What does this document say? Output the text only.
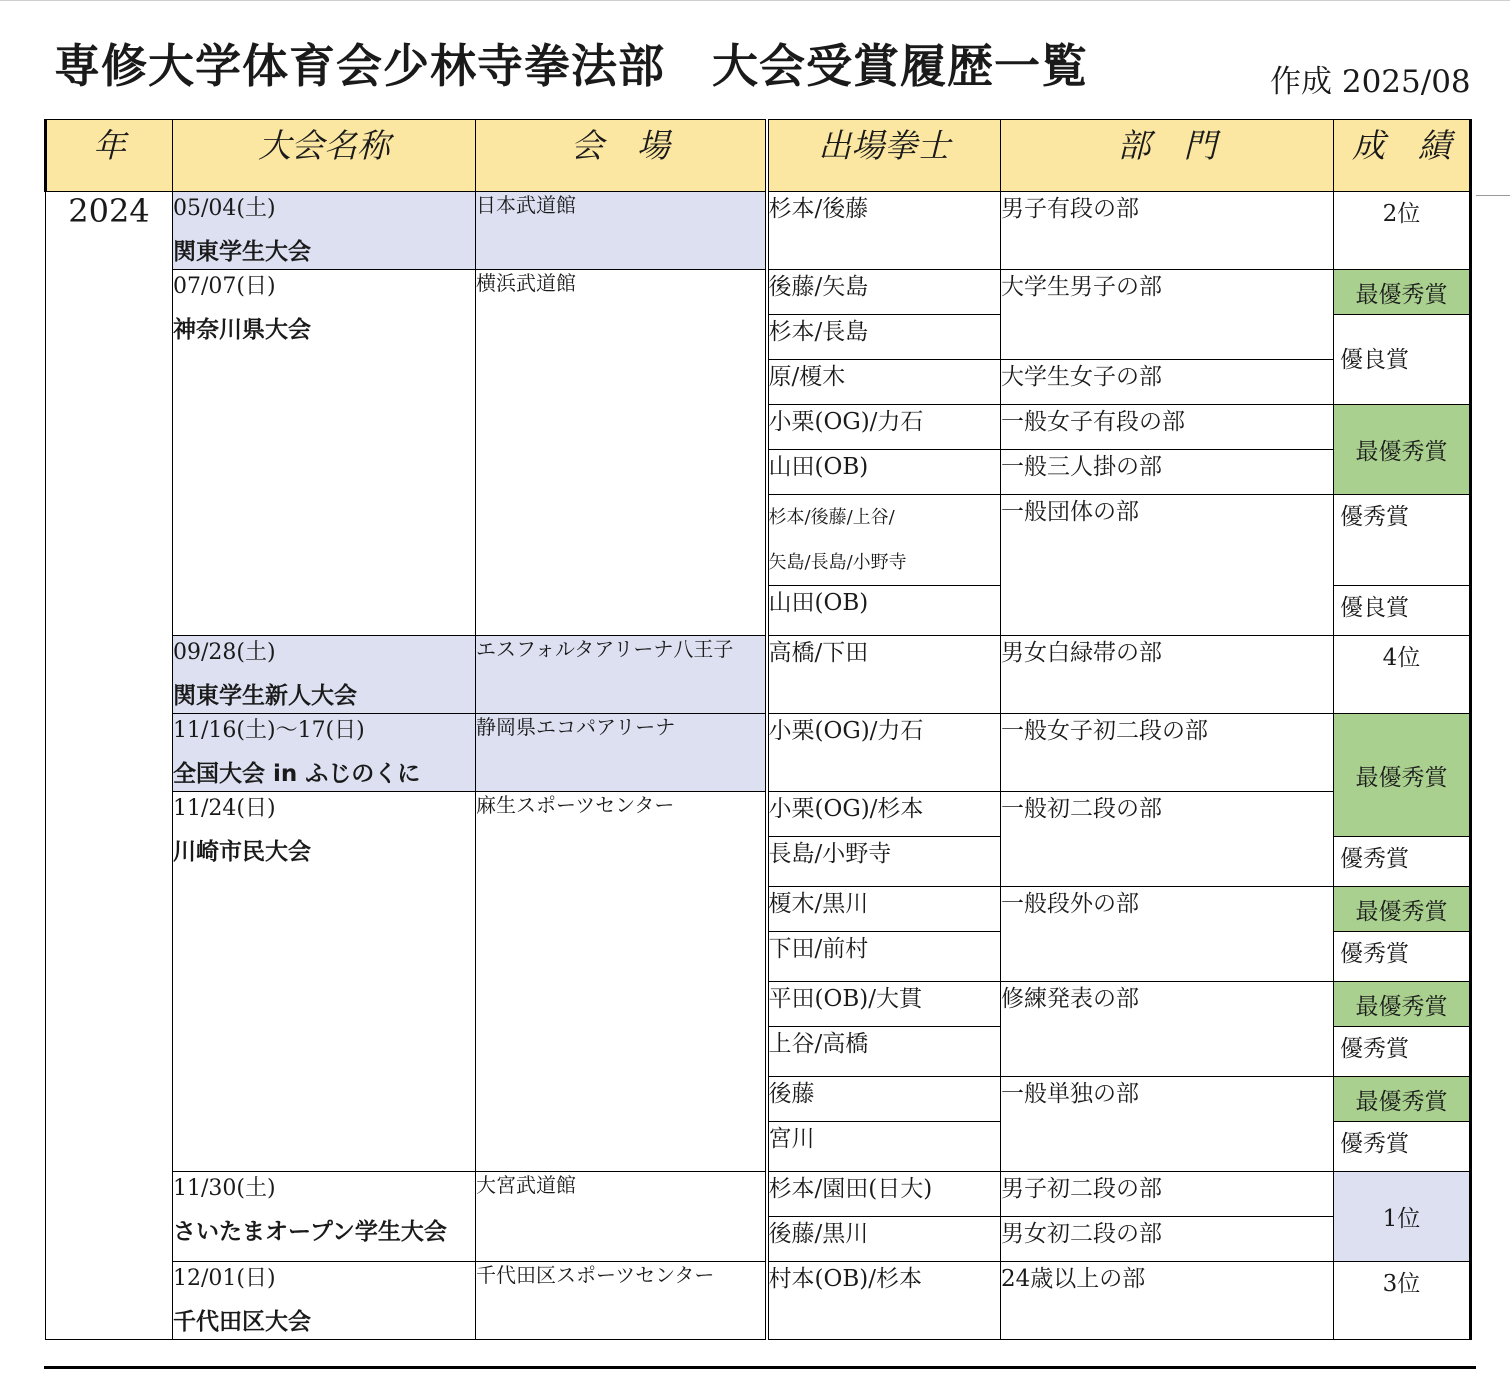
専修大学体育会少林寺拳法部　大会受賞履歴一覧	作成 2025/08
年	大会名称	会　場	出場拳士	部　門	成　績
2024	05/04(土)
関東学生大会	日本武道館	杉本/後藤	男子有段の部	2位

	07/07(日)
神奈川県大会	横浜武道館	後藤/矢島	大学生男子の部	最優秀賞
			杉本/長島		優良賞
			原/榎木	大学生女子の部	
			小栗(OG)/力石	一般女子有段の部	最優秀賞
			山田(OB)	一般三人掛の部	

			杉本/後藤/上谷/
矢島/長島/小野寺	一般団体の部	優秀賞

			山田(OB)		優良賞

	09/28(土)
関東学生新人大会	エスフォルタアリーナ八王子	高橋/下田	男女白緑帯の部	4位

	11/16(土)～17(日)
全国大会 in ふじのくに	静岡県エコパアリーナ	小栗(OG)/力石	一般女子初二段の部	最優秀賞

	11/24(日)
川崎市民大会	麻生スポーツセンター	小栗(OG)/杉本	一般初二段の部	
			長島/小野寺		優秀賞
			榎木/黒川	一般段外の部	最優秀賞
			下田/前村		優秀賞
			平田(OB)/大貫	修練発表の部	最優秀賞
			上谷/高橋		優秀賞
			後藤	一般単独の部	最優秀賞
			宮川		優秀賞

	11/30(土)
さいたまオープン学生大会	大宮武道館	杉本/園田(日大)	男子初二段の部	1位
			後藤/黒川	男女初二段の部	

	12/01(日)
千代田区大会	千代田区スポーツセンター	村本(OB)/杉本	24歳以上の部	3位
